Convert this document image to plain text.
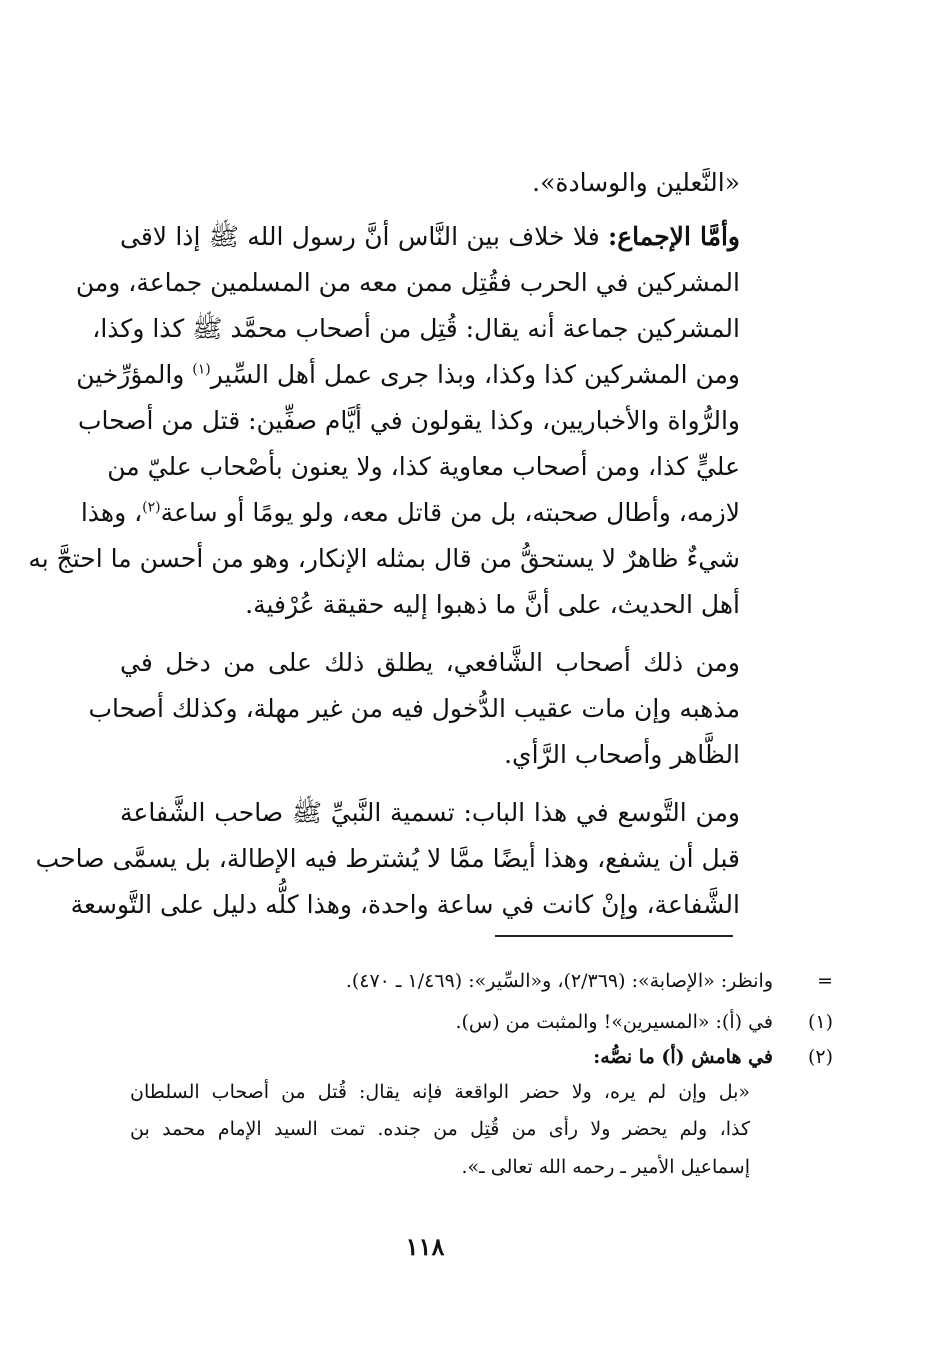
«النَّعلين والوسادة».
وأمَّا الإجماع: فلا خلاف بين النَّاس أنَّ رسول الله ﷺ إذا لاقى
المشركين في الحرب فقُتِل ممن معه من المسلمين جماعة، ومن
المشركين جماعة أنه يقال: قُتِل من أصحاب محمَّد ﷺ كذا وكذا،
ومن المشركين كذا وكذا، وبذا جرى عمل أهل السِّير$^{(١)}$ والمؤرِّخين
والرُّواة والأخباريين، وكذا يقولون في أيَّام صفِّين: قتل من أصحاب
عليٍّ كذا، ومن أصحاب معاوية كذا، ولا يعنون بأصْحاب عليّ من
لازمه، وأطال صحبته، بل من قاتل معه، ولو يومًا أو ساعة$^{(٢)}$، وهذا
شيءٌ ظاهرٌ لا يستحقُّ من قال بمثله الإنكار، وهو من أحسن ما احتجَّ به
أهل الحديث، على أنَّ ما ذهبوا إليه حقيقة عُرْفية.
ومن ذلك أصحاب الشَّافعي، يطلق ذلك على من دخل في
مذهبه وإن مات عقيب الدُّخول فيه من غير مهلة، وكذلك أصحاب
الظَّاهر وأصحاب الرَّأي.
ومن التَّوسع في هذا الباب: تسمية النَّبيِّ ﷺ صاحب الشَّفاعة
قبل أن يشفع، وهذا أيضًا ممَّا لا يُشترط فيه الإطالة، بل يسمَّى صاحب
الشَّفاعة، وإنْ كانت في ساعة واحدة، وهذا كلُّه دليل على التَّوسعة
=وانظر: «الإصابة»: (٢/٣٦٩)، و«السِّير»: (١/٤٦٩ ـ ٤٧٠).
(١)في (أ): «المسيرين»! والمثبت من (س).
(٢)في هامش (أ) ما نصُّه:
«بل وإن لم يره، ولا حضر الواقعة فإنه يقال: قُتل من أصحاب السلطان
كذا، ولم يحضر ولا رأى من قُتِل من جنده. تمت السيد الإمام محمد بن
إسماعيل الأمير ـ رحمه الله تعالى ـ».
١١٨
